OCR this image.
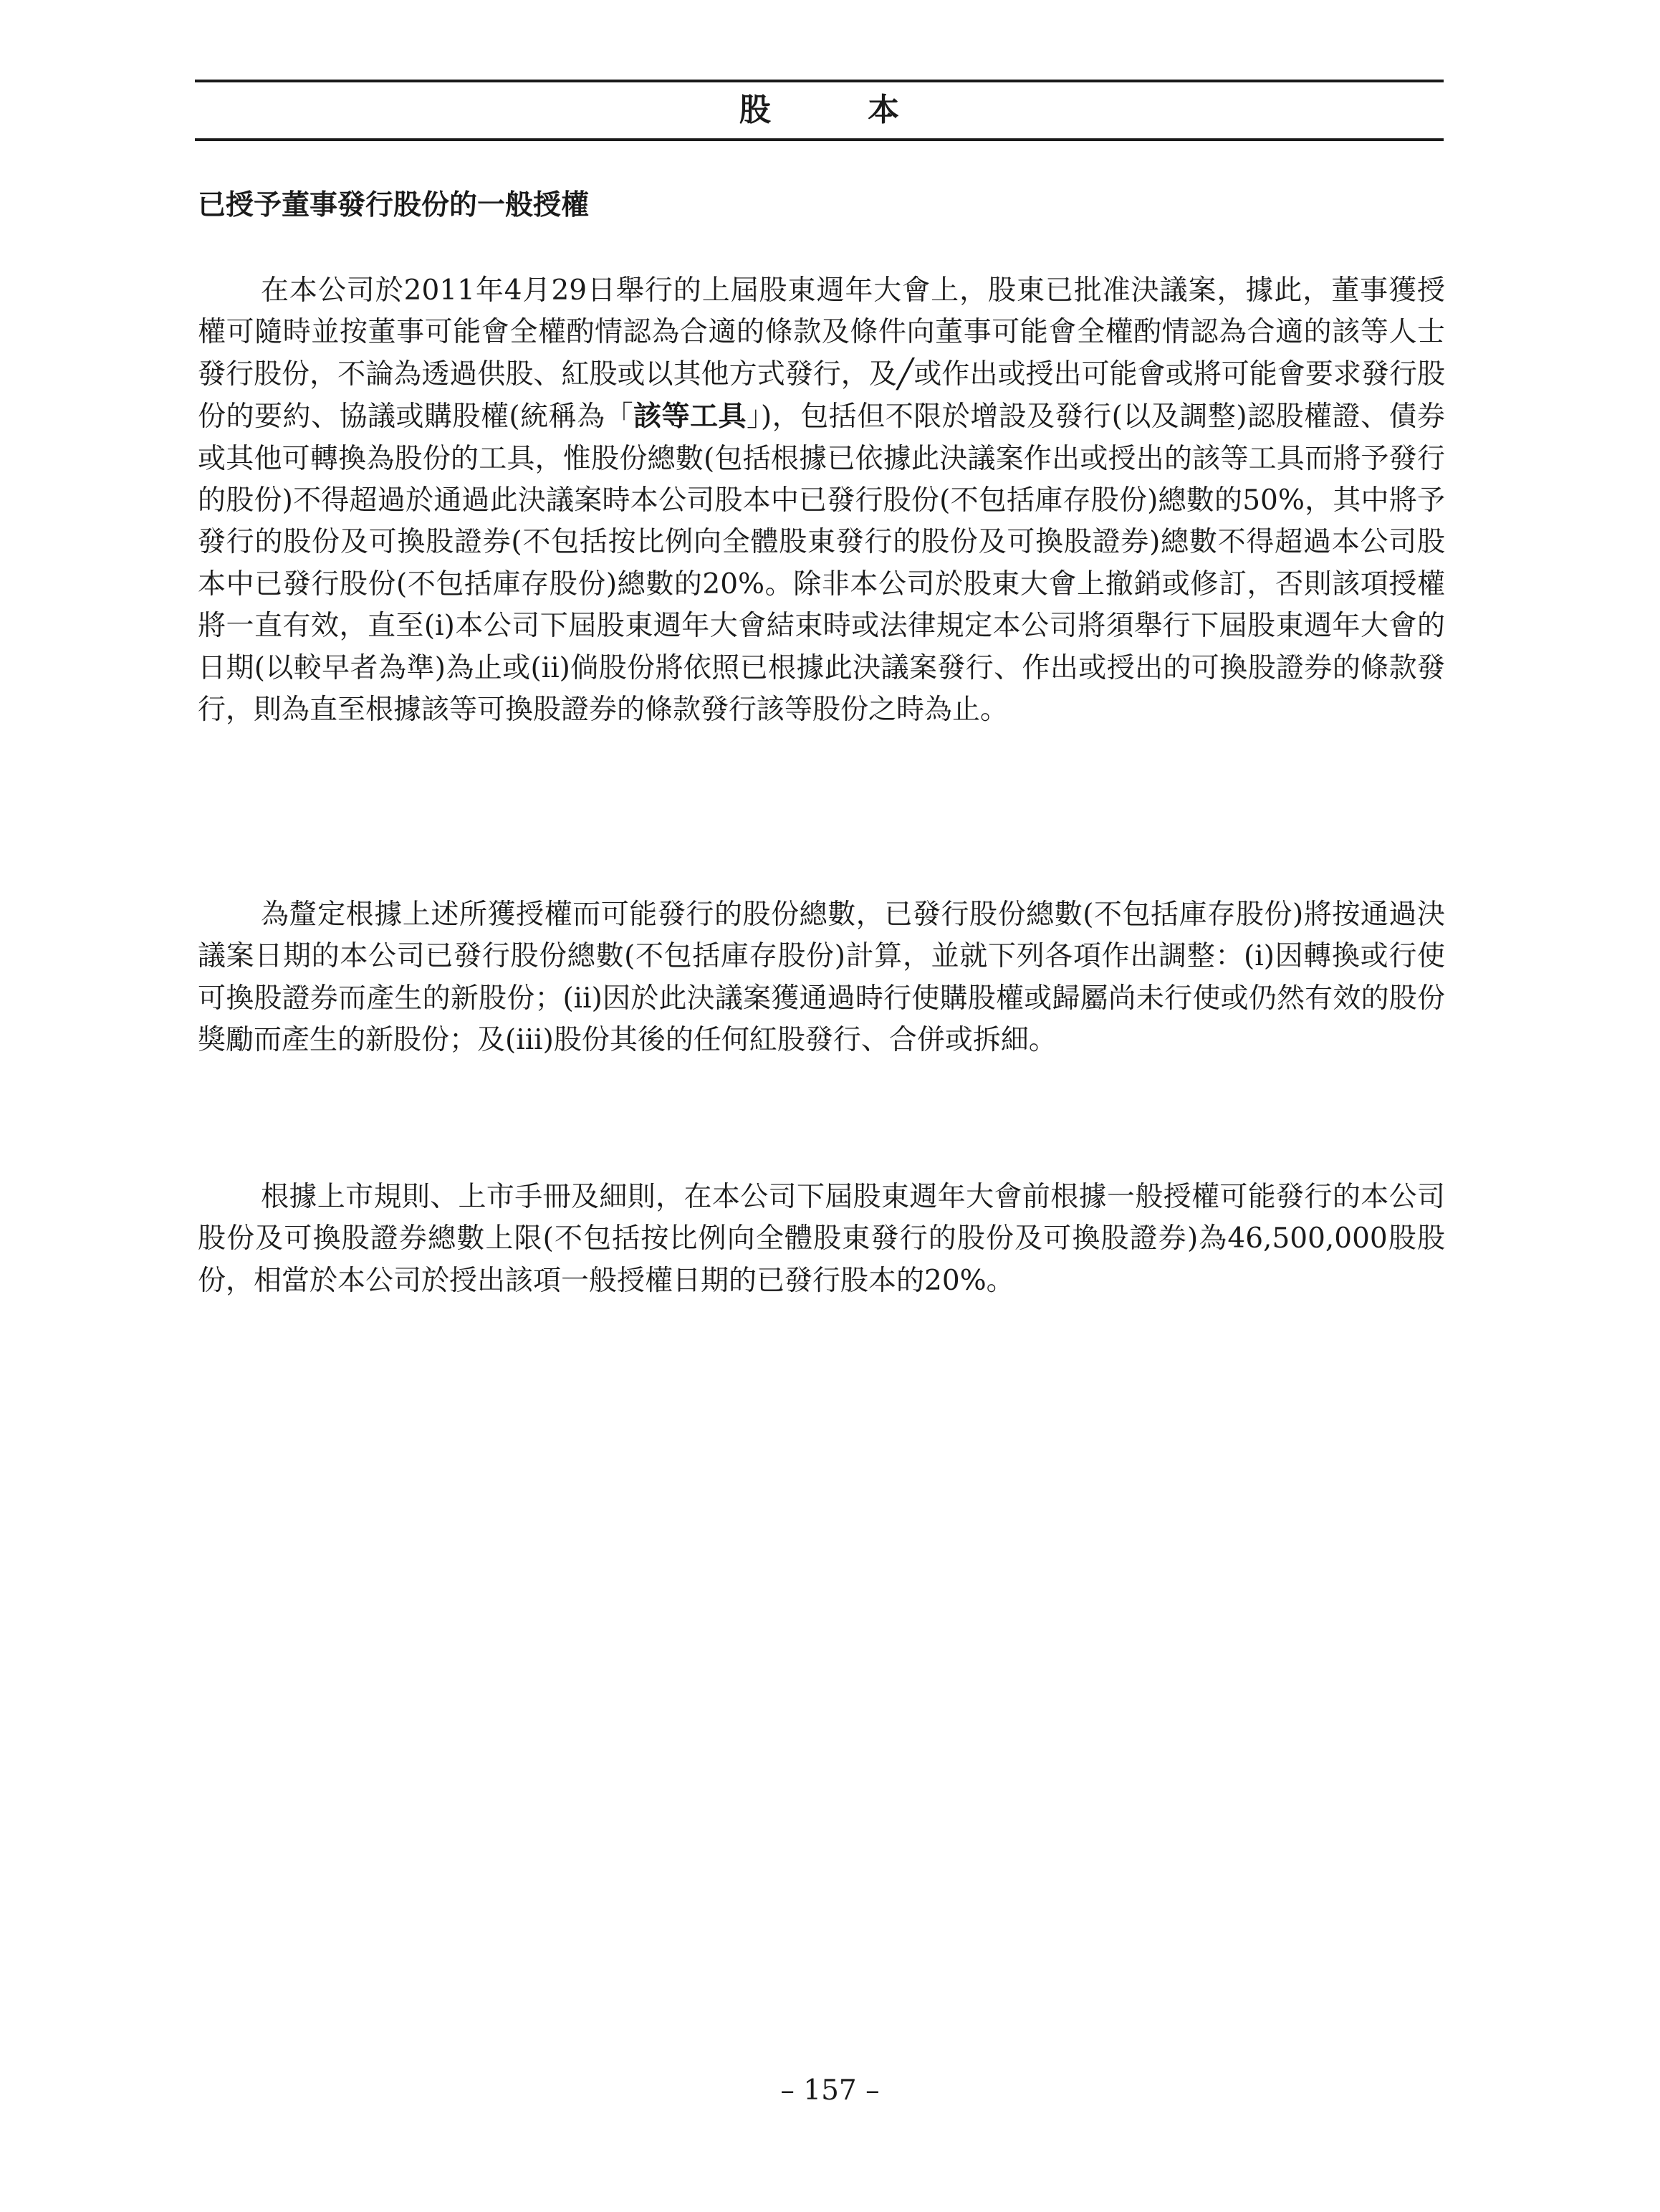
股 本
已授予董事發行股份的一般授權

在本公司於2011年4月29日舉行的上屆股東週年大會上，股東已批准決議案，據此，董事獲授權可隨時並按董事可能會全權酌情認為合適的條款及條件向董事可能會全權酌情認為合適的該等人士發行股份，不論為透過供股、紅股或以其他方式發行，及╱或作出或授出可能會或將可能會要求發行股份的要約、協議或購股權(統稱為「該等工具」)，包括但不限於增設及發行(以及調整)認股權證、債券或其他可轉換為股份的工具，惟股份總數(包括根據已依據此決議案作出或授出的該等工具而將予發行的股份)不得超過於通過此決議案時本公司股本中已發行股份(不包括庫存股份)總數的50%，其中將予發行的股份及可換股證券(不包括按比例向全體股東發行的股份及可換股證券)總數不得超過本公司股本中已發行股份(不包括庫存股份)總數的20%。除非本公司於股東大會上撤銷或修訂，否則該項授權將一直有效，直至(i)本公司下屆股東週年大會結束時或法律規定本公司將須舉行下屆股東週年大會的日期(以較早者為準)為止或(ii)倘股份將依照已根據此決議案發行、作出或授出的可換股證券的條款發行，則為直至根據該等可換股證券的條款發行該等股份之時為止。

為釐定根據上述所獲授權而可能發行的股份總數，已發行股份總數(不包括庫存股份)將按通過決議案日期的本公司已發行股份總數(不包括庫存股份)計算，並就下列各項作出調整：(i)因轉換或行使可換股證券而產生的新股份；(ii)因於此決議案獲通過時行使購股權或歸屬尚未行使或仍然有效的股份獎勵而產生的新股份；及(iii)股份其後的任何紅股發行、合併或拆細。

根據上市規則、上市手冊及細則，在本公司下屆股東週年大會前根據一般授權可能發行的本公司股份及可換股證券總數上限(不包括按比例向全體股東發行的股份及可換股證券)為46,500,000股股份，相當於本公司於授出該項一般授權日期的已發行股本的20%。

– 157 –
